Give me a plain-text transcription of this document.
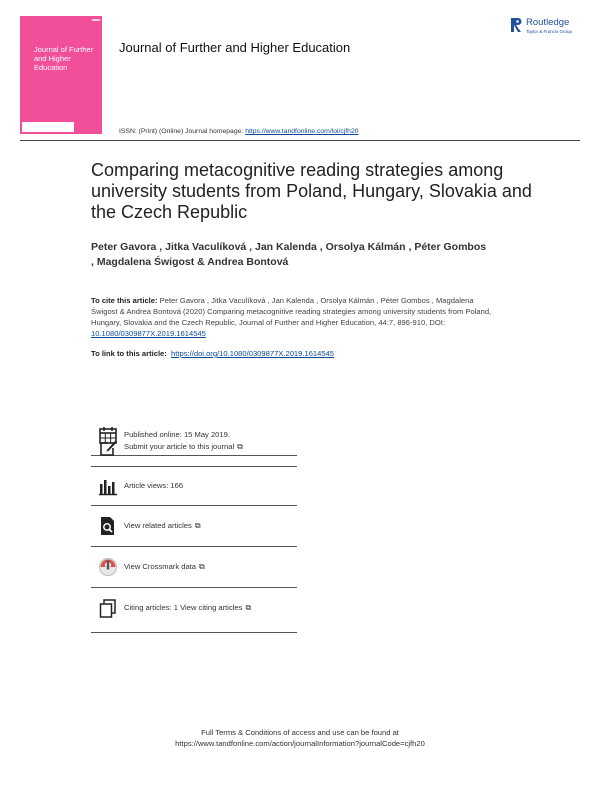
Journal of Further and Higher Education
UCU
Journal of Further and Higher Education
ISSN: (Print) (Online) Journal homepage: https://www.tandfonline.com/loi/cjfh20
Routledge
Taylor & Francis Group
Comparing metacognitive reading strategies among university students from Poland, Hungary, Slovakia and the Czech Republic
Peter Gavora , Jitka Vaculíková , Jan Kalenda , Orsolya Kálmán , Péter Gombos , Magdalena Świgost & Andrea Bontová
To cite this article: Peter Gavora , Jitka Vaculíková , Jan Kalenda , Orsolya Kálmán , Péter Gombos , Magdalena Świgost & Andrea Bontová (2020) Comparing metacognitive reading strategies among university students from Poland, Hungary, Slovakia and the Czech Republic, Journal of Further and Higher Education, 44:7, 896-910, DOI: 10.1080/0309877X.2019.1614545
To link to this article: https://doi.org/10.1080/0309877X.2019.1614545
Published online: 15 May 2019.
Submit your article to this journal ⧉
Article views: 166
View related articles ⧉
View Crossmark data ⧉
Citing articles: 1 View citing articles ⧉
Full Terms & Conditions of access and use can be found at
https://www.tandfonline.com/action/journalInformation?journalCode=cjfh20
